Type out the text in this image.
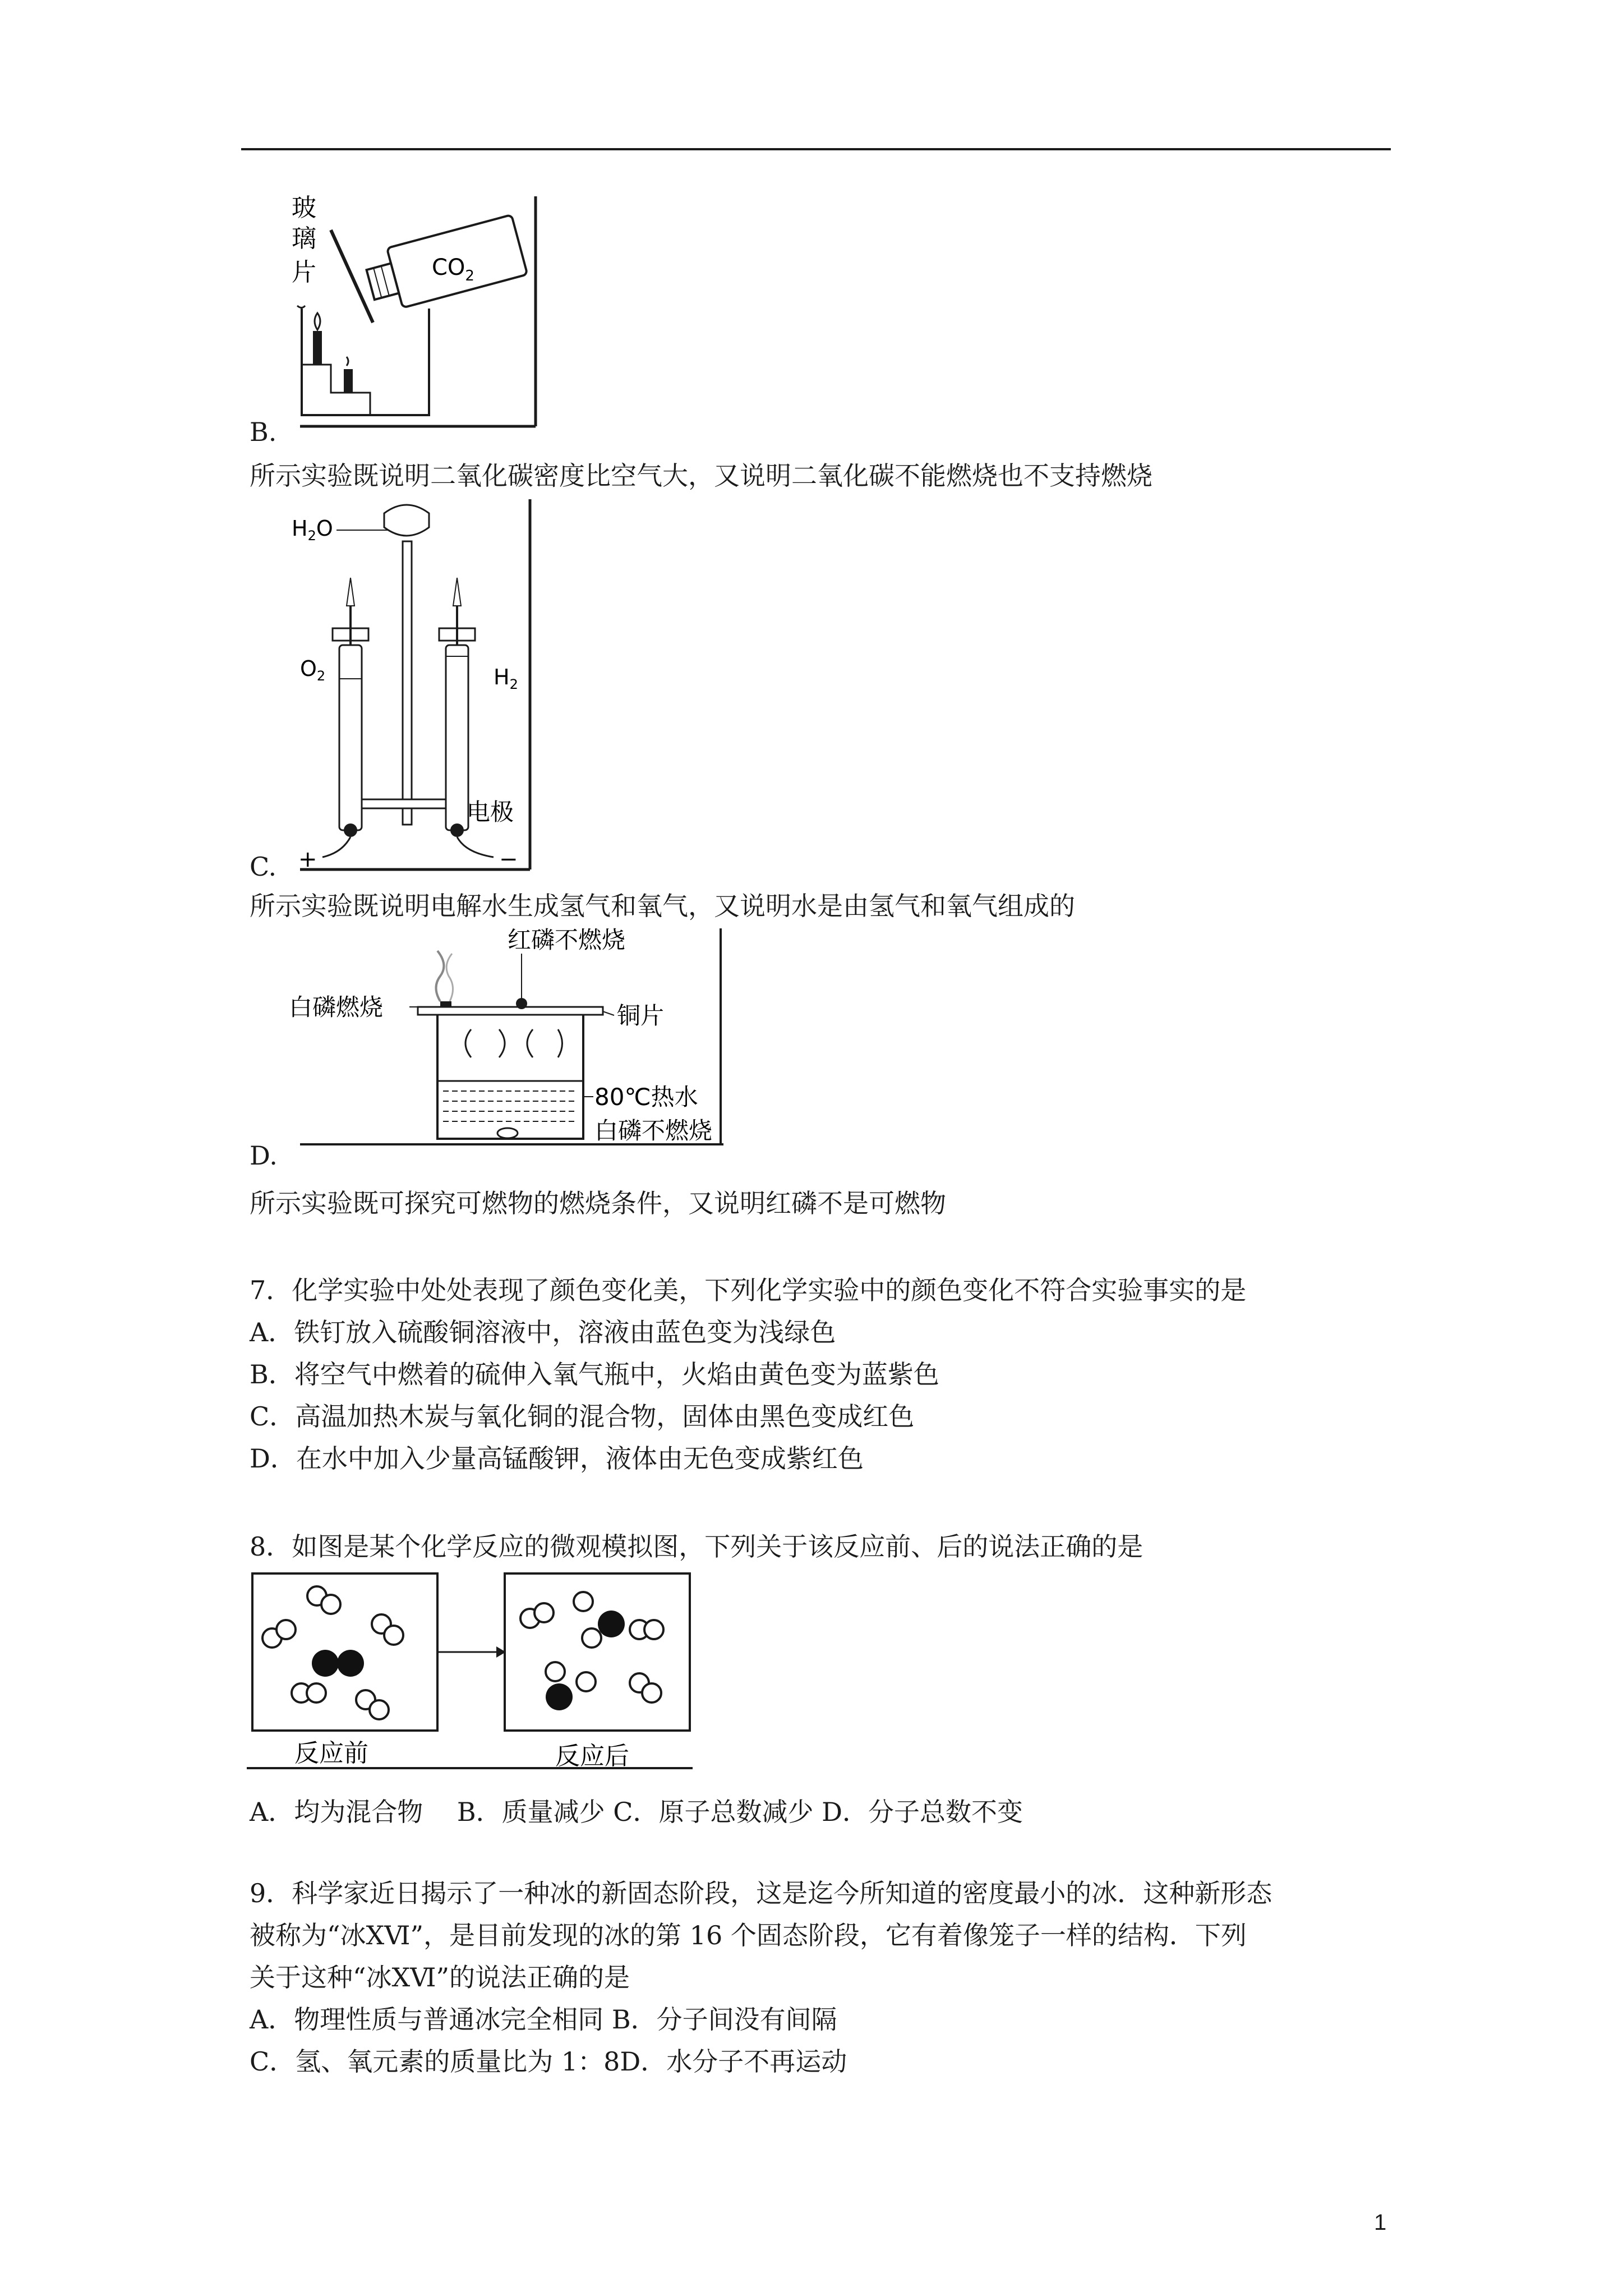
玻
璃
片	$CO_2$
B.
所示实验既说明二氧化碳密度比空气大，又说明二氧化碳不能燃烧也不支持燃烧
$H_2O$
$O_2$	$H_2$
电极
+	−
C.
所示实验既说明电解水生成氢气和氧气，又说明水是由氢气和氧气组成的
红磷不燃烧
白磷燃烧	铜片
80℃热水
白磷不燃烧
D.
所示实验既可探究可燃物的燃烧条件，又说明红磷不是可燃物
7．化学实验中处处表现了颜色变化美，下列化学实验中的颜色变化不符合实验事实的是
A．铁钉放入硫酸铜溶液中，溶液由蓝色变为浅绿色
B．将空气中燃着的硫伸入氧气瓶中，火焰由黄色变为蓝紫色
C．高温加热木炭与氧化铜的混合物，固体由黑色变成红色
D．在水中加入少量高锰酸钾，液体由无色变成紫红色
8．如图是某个化学反应的微观模拟图，下列关于该反应前、后的说法正确的是
反应前	反应后
A．均为混合物　 B．质量减少 C．原子总数减少 D．分子总数不变
9．科学家近日揭示了一种冰的新固态阶段，这是迄今所知道的密度最小的冰．这种新形态
被称为“冰ⅩⅥ”，是目前发现的冰的第 16 个固态阶段，它有着像笼子一样的结构．下列
关于这种“冰ⅩⅥ”的说法正确的是
A．物理性质与普通冰完全相同 B．分子间没有间隔
C．氢、氧元素的质量比为 1：8D．水分子不再运动
1
